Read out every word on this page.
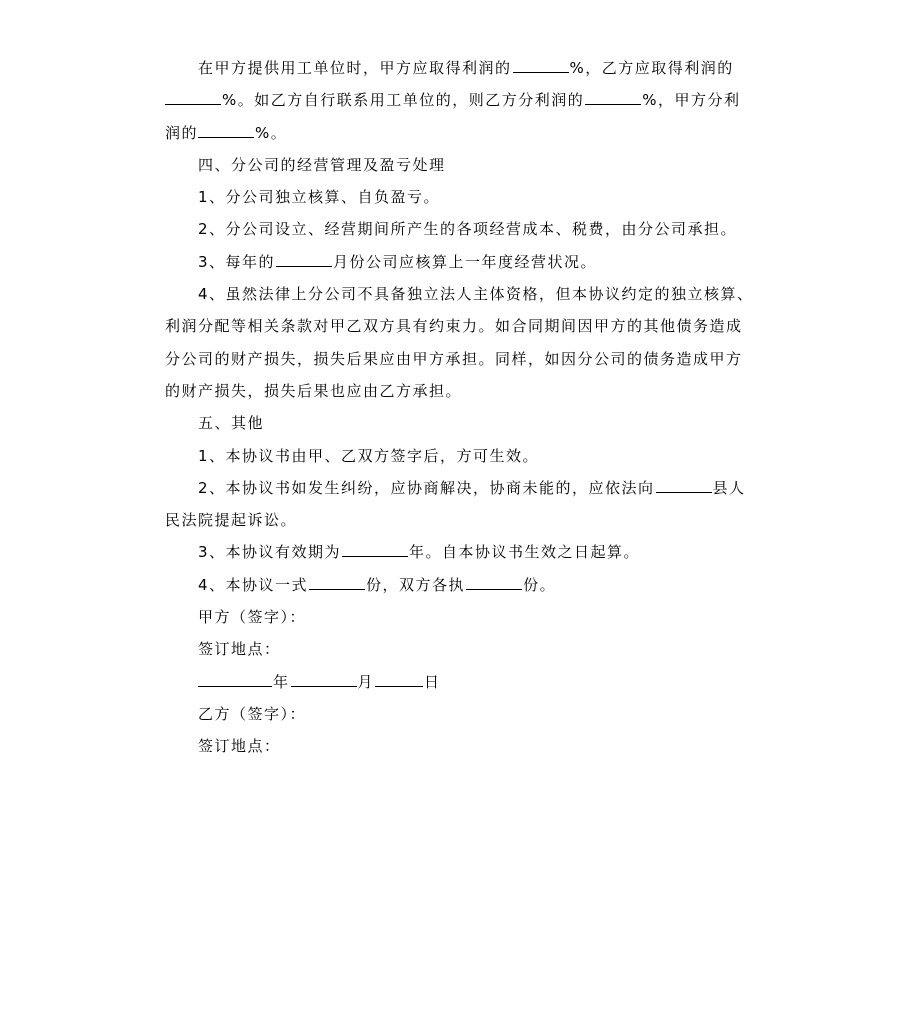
在甲方提供用工单位时，甲方应取得利润的	%，乙方应取得利润的%。如乙方自行联系用工单位的，则乙方分利润的	%，甲方分利润的	%。

四、分公司的经营管理及盈亏处理

1、分公司独立核算、自负盈亏。

2、分公司设立、经营期间所产生的各项经营成本、税费，由分公司承担。

3、每年的	月份公司应核算上一年度经营状况。

4、虽然法律上分公司不具备独立法人主体资格，但本协议约定的独立核算、利润分配等相关条款对甲乙双方具有约束力。如合同期间因甲方的其他债务造成分公司的财产损失，损失后果应由甲方承担。同样，如因分公司的债务造成甲方的财产损失，损失后果也应由乙方承担。

五、其他

1、本协议书由甲、乙双方签字后，方可生效。

2、本协议书如发生纠纷，应协商解决，协商未能的，应依法向	县人民法院提起诉讼。

3、本协议有效期为	年。自本协议书生效之日起算。

4、本协议一式	份，双方各执	份。

甲方（签字）：

签订地点：

年	月	日

乙方（签字）：

签订地点：
